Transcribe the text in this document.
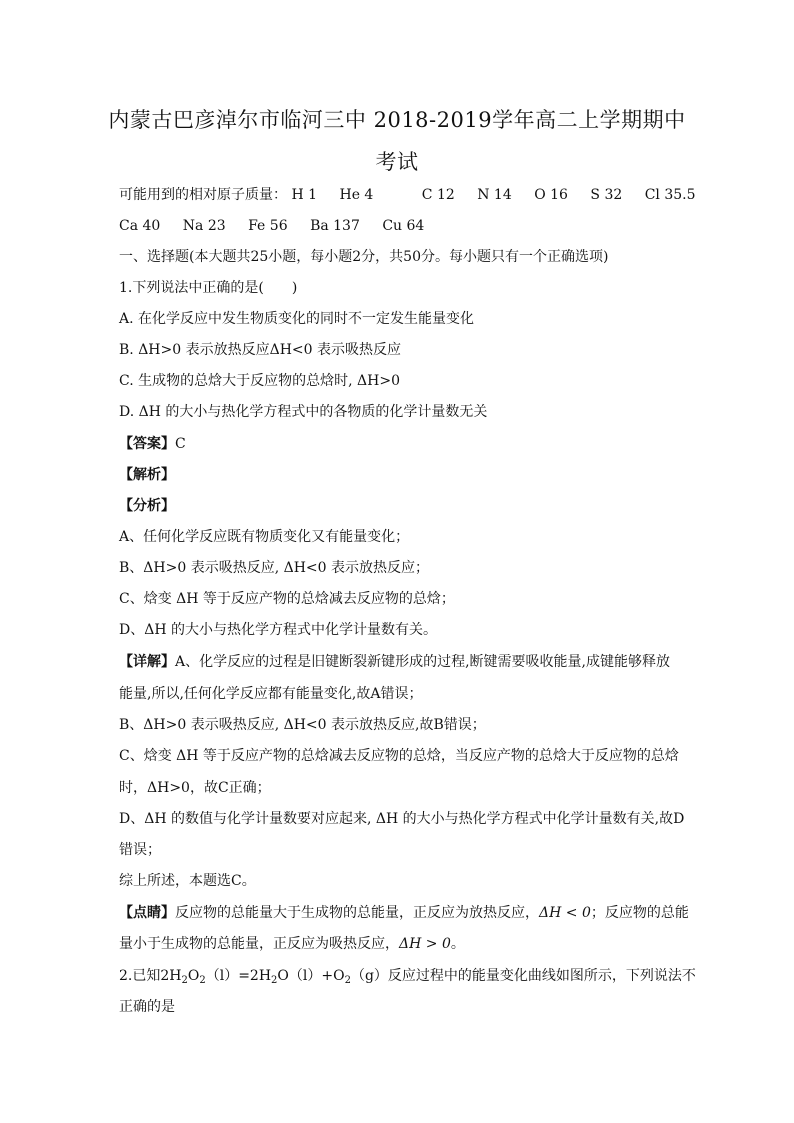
内蒙古巴彦淖尔市临河三中 2018-2019学年高二上学期期中
考试
可能用到的相对原子质量： H 1 He 4	C 12 N 14 O 16 S 32 Cl 35.5
Ca 40 Na 23 Fe 56 Ba 137 Cu 64
一、选择题(本大题共25小题，每小题2分，共50分。每小题只有一个正确选项)
1.下列说法中正确的是(　　)
A. 在化学反应中发生物质变化的同时不一定发生能量变化
B. ΔH>0 表示放热反应ΔH<0 表示吸热反应
C. 生成物的总焓大于反应物的总焓时, ΔH>0
D. ΔH 的大小与热化学方程式中的各物质的化学计量数无关
【答案】C
【解析】
【分析】
A、任何化学反应既有物质变化又有能量变化；
B、ΔH>0 表示吸热反应, ΔH<0 表示放热反应；
C、焓变 ΔH 等于反应产物的总焓减去反应物的总焓；
D、ΔH 的大小与热化学方程式中化学计量数有关。
【详解】A、化学反应的过程是旧键断裂新键形成的过程,断键需要吸收能量,成键能够释放
能量,所以,任何化学反应都有能量变化,故A错误；
B、ΔH>0 表示吸热反应, ΔH<0 表示放热反应,故B错误；
C、焓变 ΔH 等于反应产物的总焓减去反应物的总焓，当反应产物的总焓大于反应物的总焓
时，ΔH>0，故C正确；
D、ΔH 的数值与化学计量数要对应起来, ΔH 的大小与热化学方程式中化学计量数有关,故D
错误；
综上所述，本题选C。
【点睛】反应物的总能量大于生成物的总能量，正反应为放热反应，ΔH < 0；反应物的总能
量小于生成物的总能量，正反应为吸热反应，ΔH > 0。
2.已知$2H_2O_2(l)=2H_2O(l)+O_2(g)$反应过程中的能量变化曲线如图所示，下列说法不
正确的是
